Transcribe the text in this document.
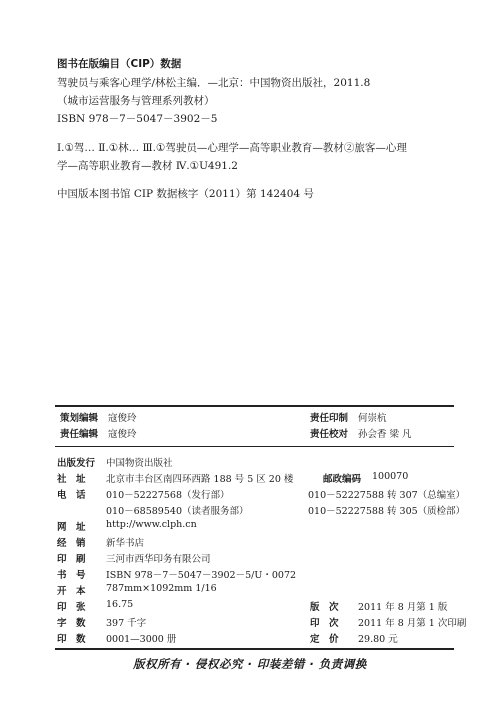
图书在版编目（CIP）数据
驾驶员与乘客心理学/林松主编．—北京：中国物资出版社，2011.8
（城市运营服务与管理系列教材）
ISBN 978－7－5047－3902－5
Ⅰ.①驾… Ⅱ.①林… Ⅲ.①驾驶员—心理学—高等职业教育—教材②旅客—心理
学—高等职业教育—教材 Ⅳ.①U491.2
中国版本图书馆 CIP 数据核字（2011）第 142404 号
策划编辑 寇俊玲	责任印制 何崇杭
责任编辑 寇俊玲	责任校对 孙会香 梁 凡
出版发行 中国物资出版社
社　址 北京市丰台区南四环西路 188 号 5 区 20 楼	邮政编码 100070
电　话 010－52227568（发行部）	010－52227588 转 307（总编室）
010－68589540（读者服务部）	010－52227588 转 305（质检部）
网　址 http://www.clph.cn
经　销 新华书店
印　刷 三河市西华印务有限公司
书　号 ISBN 978－7－5047－3902－5/U・0072
开　本 787mm×1092mm 1/16
印　张 16.75	版　次 2011 年 8 月第 1 版
字　数 397 千字	印　次 2011 年 8 月第 1 次印刷
印　数 0001—3000 册	定　价 29.80 元
版权所有 · 侵权必究 · 印装差错 · 负责调换
